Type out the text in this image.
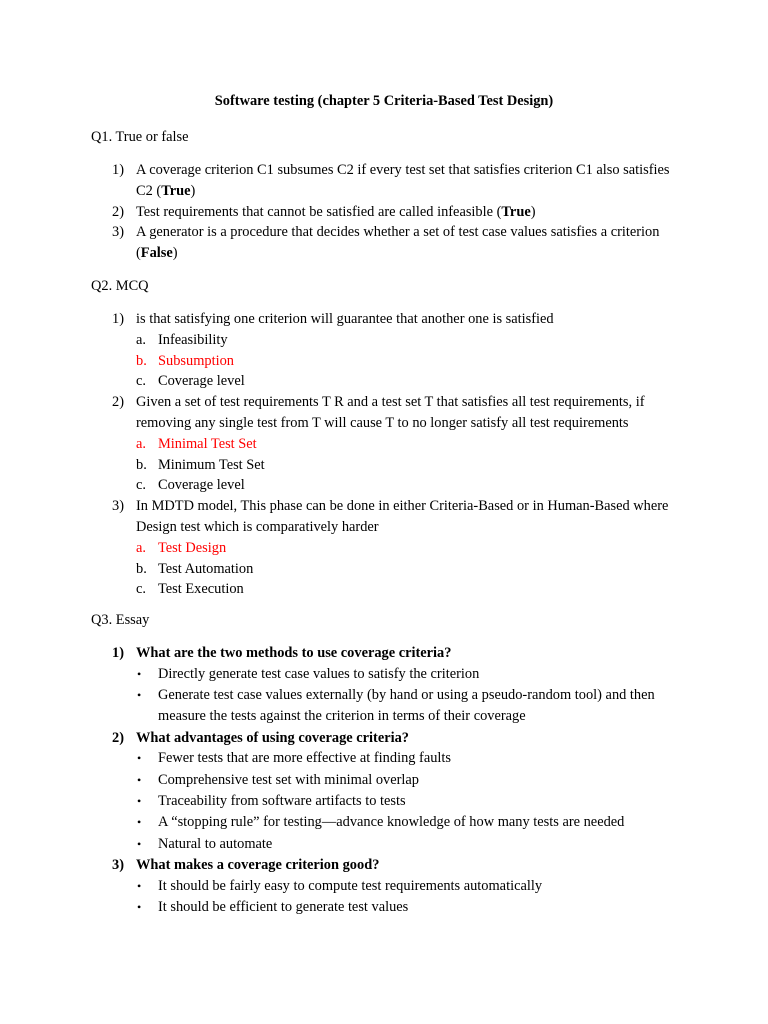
Software testing (chapter 5 Criteria-Based Test Design)
Q1. True or false
1) A coverage criterion C1 subsumes C2 if every test set that satisfies criterion C1 also satisfies C2 (True)
2) Test requirements that cannot be satisfied are called infeasible (True)
3) A generator is a procedure that decides whether a set of test case values satisfies a criterion (False)
Q2. MCQ
1) is that satisfying one criterion will guarantee that another one is satisfied
a. Infeasibility
b. Subsumption
c. Coverage level
2) Given a set of test requirements T R and a test set T that satisfies all test requirements, if removing any single test from T will cause T to no longer satisfy all test requirements
a. Minimal Test Set
b. Minimum Test Set
c. Coverage level
3) In MDTD model, This phase can be done in either Criteria-Based or in Human-Based where Design test which is comparatively harder
a. Test Design
b. Test Automation
c. Test Execution
Q3. Essay
1) What are the two methods to use coverage criteria?
• Directly generate test case values to satisfy the criterion
• Generate test case values externally (by hand or using a pseudo-random tool) and then measure the tests against the criterion in terms of their coverage
2) What advantages of using coverage criteria?
• Fewer tests that are more effective at finding faults
• Comprehensive test set with minimal overlap
• Traceability from software artifacts to tests
• A “stopping rule” for testing—advance knowledge of how many tests are needed
• Natural to automate
3) What makes a coverage criterion good?
• It should be fairly easy to compute test requirements automatically
• It should be efficient to generate test values
